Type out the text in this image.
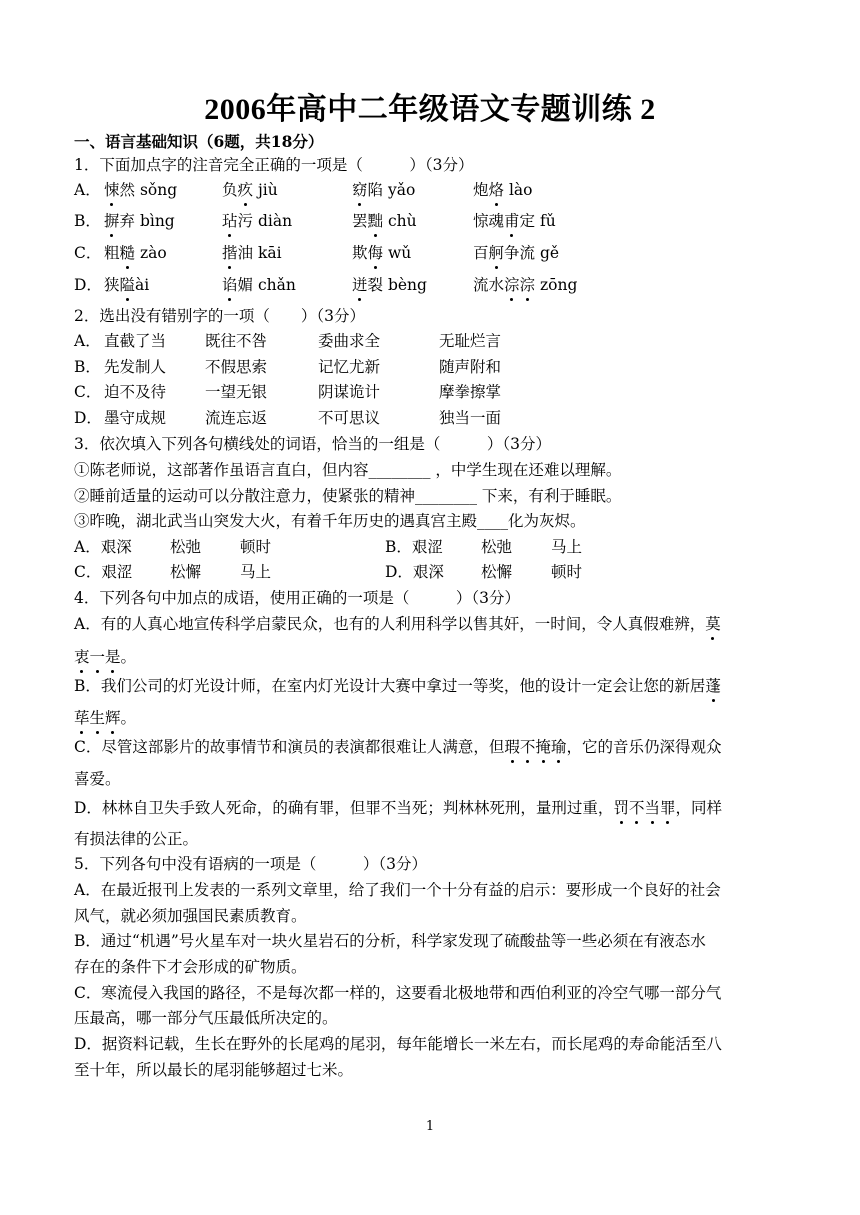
2006年高中二年级语文专题训练 2
一、语言基础知识（6题，共18分）
1．下面加点字的注音完全正确的一项是（　　　）（3分）
A． 悚然 sǒng	负疚 jiù	窈陷 yǎo	炮烙 lào
B． 摒弃 bìng	玷污 diàn	罢黜 chù	惊魂甫定 fǔ
C． 粗糙 zào	揩油 kāi	欺侮 wǔ	百舸争流 gě
D． 狭隘ài	谄媚 chǎn	迸裂 bèng	流水淙淙 zōng
2．选出没有错别字的一项（　　）（3分）
A． 直截了当	既往不咎	委曲求全	无耻烂言
B． 先发制人	不假思索	记忆尤新	随声附和
C． 迫不及待	一望无银	阴谋诡计	摩拳擦掌
D． 墨守成规	流连忘返	不可思议	独当一面
3．依次填入下列各句横线处的词语，恰当的一组是（　　　）（3分）
①陈老师说，这部著作虽语言直白，但内容________ ，中学生现在还难以理解。
②睡前适量的运动可以分散注意力，使紧张的精神________ 下来，有利于睡眠。
③昨晚，湖北武当山突发大火，有着千年历史的遇真宫主殿____化为灰烬。
A．艰深 松弛	顿时	B．艰涩 松弛	马上
C．艰涩 松懈	马上	D．艰深 松懈	顿时
4．下列各句中加点的成语，使用正确的一项是（　　　）（3分）
A．有的人真心地宣传科学启蒙民众，也有的人利用科学以售其奸，一时间，令人真假难辨，莫
衷一是。
B．我们公司的灯光设计师，在室内灯光设计大赛中拿过一等奖，他的设计一定会让您的新居蓬
荜生辉。
C．尽管这部影片的故事情节和演员的表演都很难让人满意，但瑕不掩瑜，它的音乐仍深得观众
喜爱。
D．林林自卫失手致人死命，的确有罪，但罪不当死；判林林死刑，量刑过重，罚不当罪，同样
有损法律的公正。
5．下列各句中没有语病的一项是（　　　）（3分）
A．在最近报刊上发表的一系列文章里，给了我们一个十分有益的启示：要形成一个良好的社会
风气，就必须加强国民素质教育。
B．通过“机遇”号火星车对一块火星岩石的分析，科学家发现了硫酸盐等一些必须在有液态水
存在的条件下才会形成的矿物质。
C．寒流侵入我国的路径，不是每次都一样的，这要看北极地带和西伯利亚的冷空气哪一部分气
压最高，哪一部分气压最低所决定的。
D．据资料记载，生长在野外的长尾鸡的尾羽，每年能增长一米左右，而长尾鸡的寿命能活至八
至十年，所以最长的尾羽能够超过七米。
1
